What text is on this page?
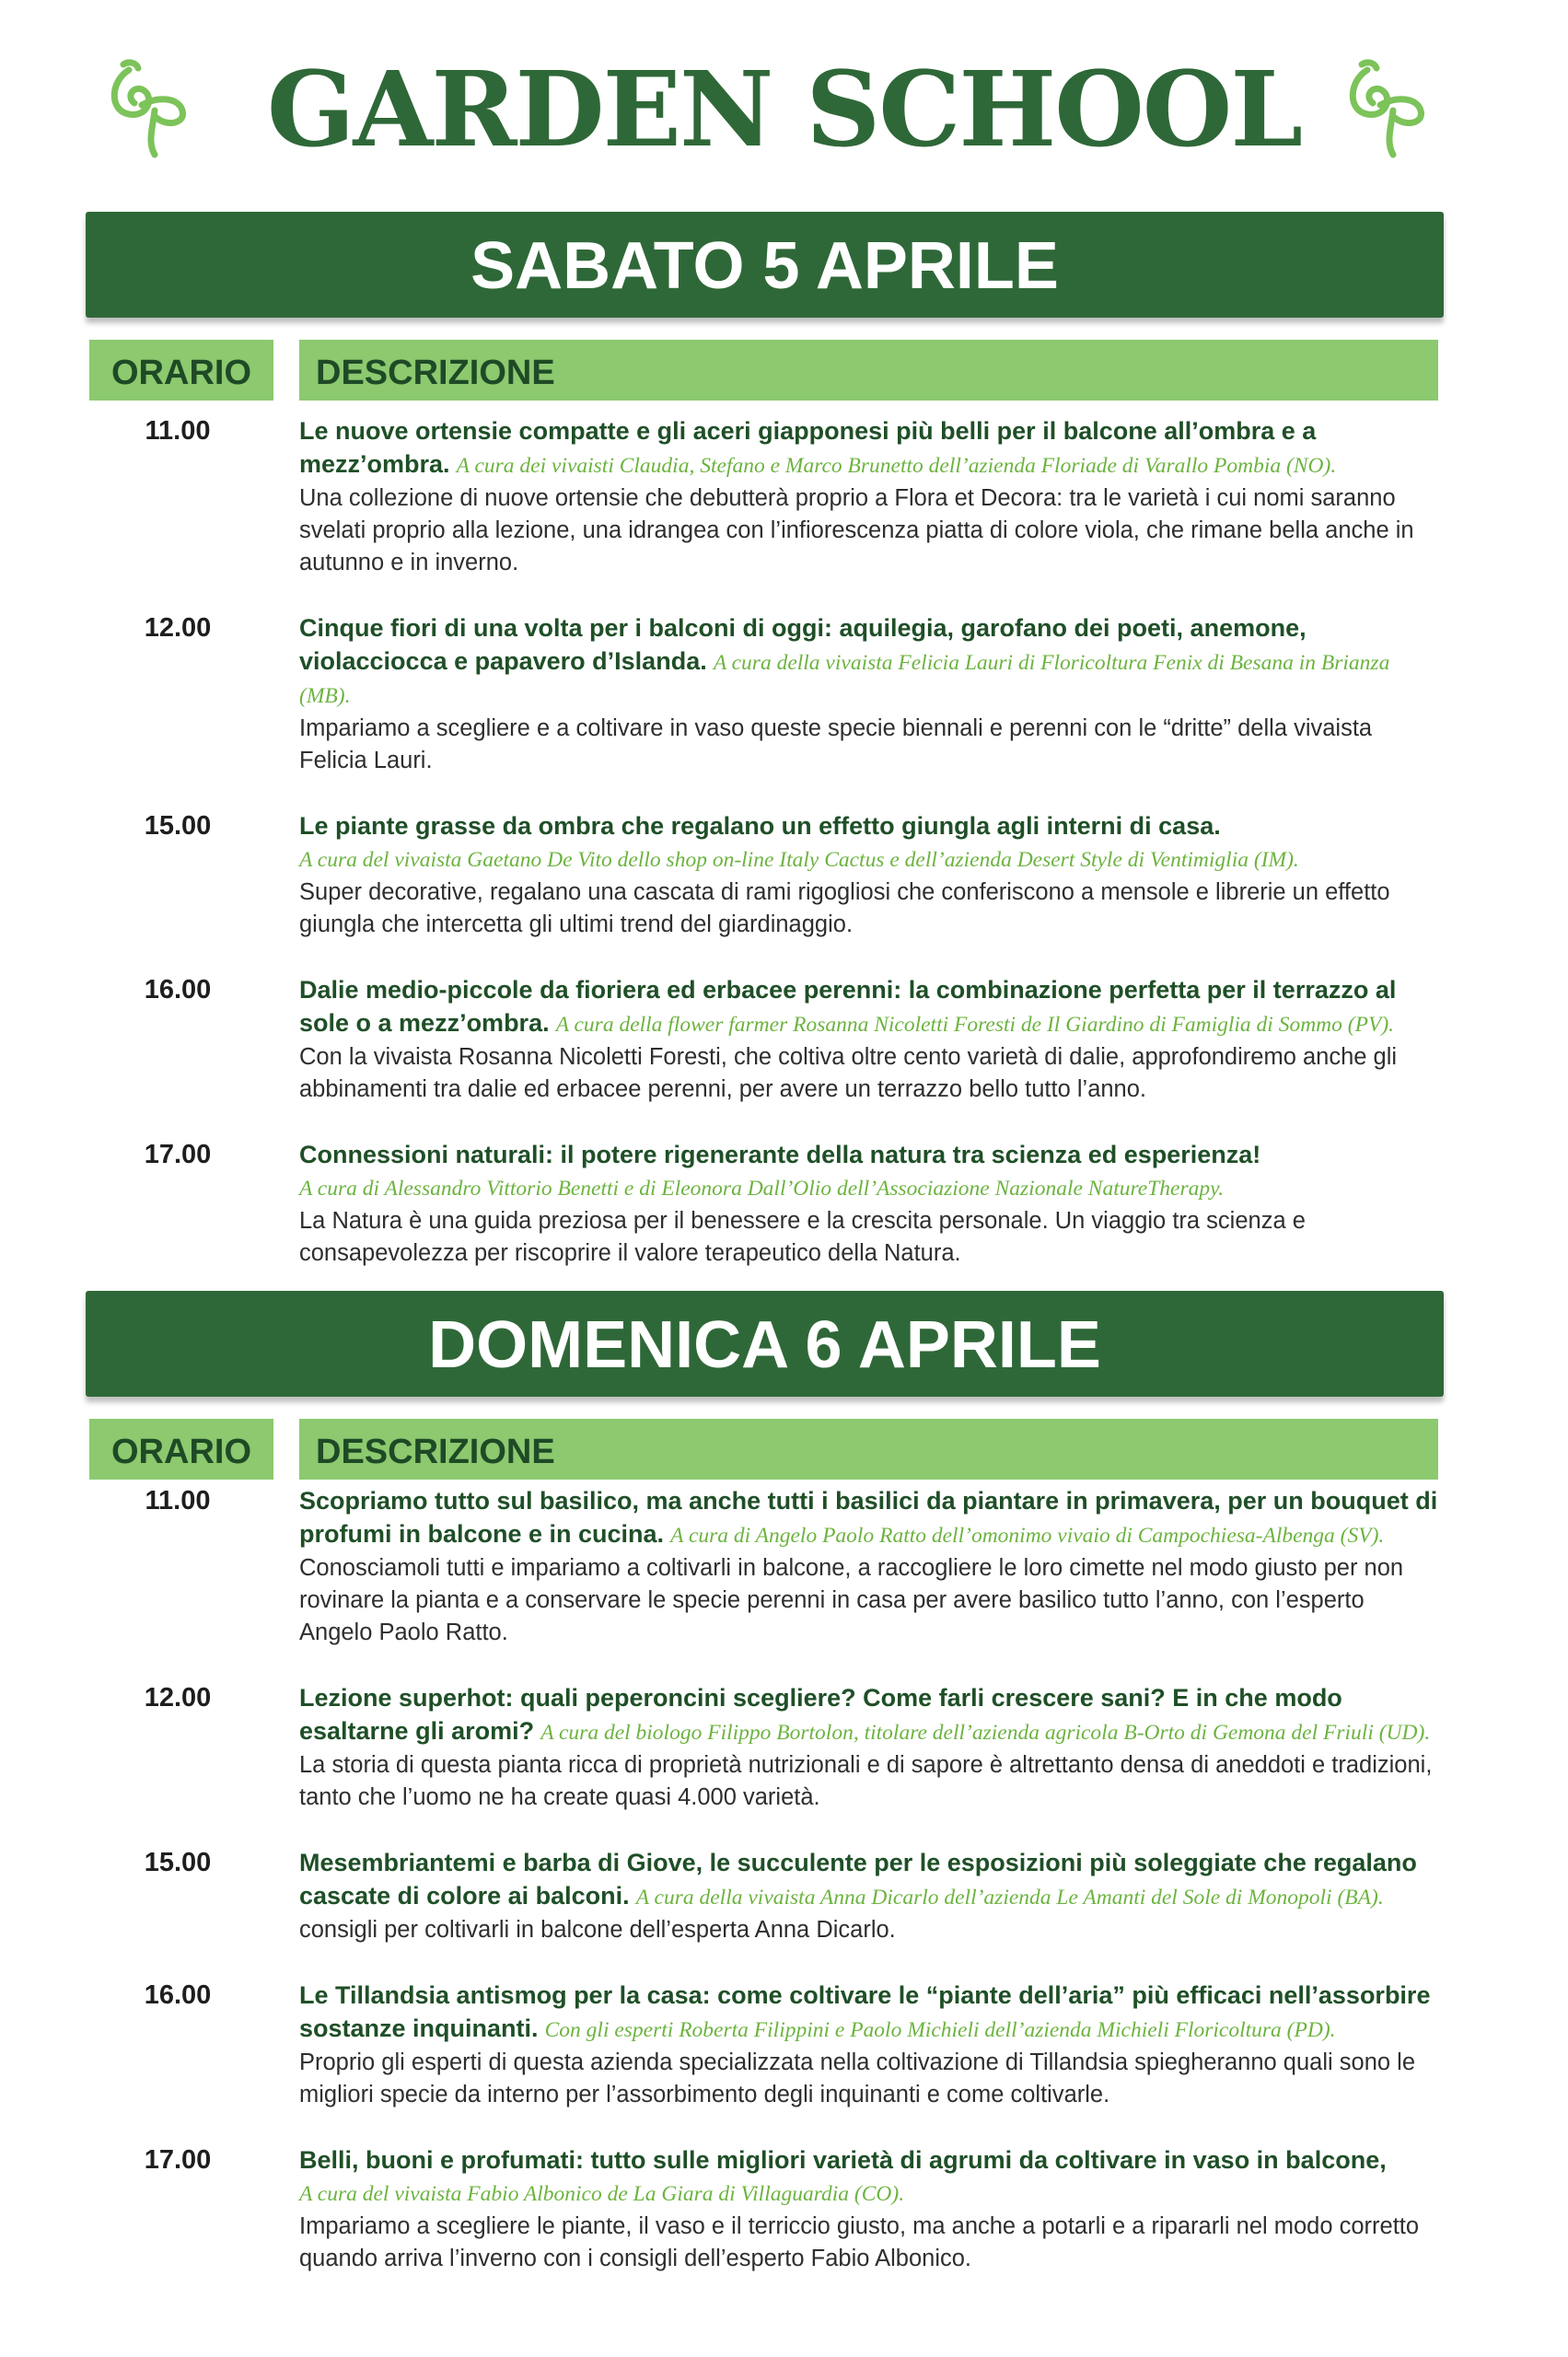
GARDEN SCHOOL
SABATO 5 APRILE
ORARIO	DESCRIZIONE
11.00	Le nuove ortensie compatte e gli aceri giapponesi più belli per il balcone all’ombra e a mezz’ombra. A cura dei vivaisti Claudia, Stefano e Marco Brunetto dell’azienda Floriade di Varallo Pombia (NO).
Una collezione di nuove ortensie che debutterà proprio a Flora et Decora: tra le varietà i cui nomi saranno svelati proprio alla lezione, una idrangea con l’infiorescenza piatta di colore viola, che rimane bella anche in autunno e in inverno.
12.00	Cinque fiori di una volta per i balconi di oggi: aquilegia, garofano dei poeti, anemone, violacciocca e papavero d’Islanda. A cura della vivaista Felicia Lauri di Floricoltura Fenix di Besana in Brianza (MB).
Impariamo a scegliere e a coltivare in vaso queste specie biennali e perenni con le “dritte” della vivaista Felicia Lauri.
15.00	Le piante grasse da ombra che regalano un effetto giungla agli interni di casa.
A cura del vivaista Gaetano De Vito dello shop on-line Italy Cactus e dell’azienda Desert Style di Ventimiglia (IM).
Super decorative, regalano una cascata di rami rigogliosi che conferiscono a mensole e librerie un effetto giungla che intercetta gli ultimi trend del giardinaggio.
16.00	Dalie medio-piccole da fioriera ed erbacee perenni: la combinazione perfetta per il terrazzo al sole o a mezz’ombra. A cura della flower farmer Rosanna Nicoletti Foresti de Il Giardino di Famiglia di Sommo (PV).
Con la vivaista Rosanna Nicoletti Foresti, che coltiva oltre cento varietà di dalie, approfondiremo anche gli abbinamenti tra dalie ed erbacee perenni, per avere un terrazzo bello tutto l’anno.
17.00	Connessioni naturali: il potere rigenerante della natura tra scienza ed esperienza!
A cura di Alessandro Vittorio Benetti e di Eleonora Dall’Olio dell’Associazione Nazionale NatureTherapy.
La Natura è una guida preziosa per il benessere e la crescita personale. Un viaggio tra scienza e consapevolezza per riscoprire il valore terapeutico della Natura.
DOMENICA 6 APRILE
ORARIO	DESCRIZIONE
11.00	Scopriamo tutto sul basilico, ma anche tutti i basilici da piantare in primavera, per un bouquet di profumi in balcone e in cucina. A cura di Angelo Paolo Ratto dell’omonimo vivaio di Campochiesa-Albenga (SV).
Conosciamoli tutti e impariamo a coltivarli in balcone, a raccogliere le loro cimette nel modo giusto per non rovinare la pianta e a conservare le specie perenni in casa per avere basilico tutto l’anno, con l’esperto Angelo Paolo Ratto.
12.00	Lezione superhot: quali peperoncini scegliere? Come farli crescere sani? E in che modo esaltarne gli aromi? A cura del biologo Filippo Bortolon, titolare dell’azienda agricola B-Orto di Gemona del Friuli (UD).
La storia di questa pianta ricca di proprietà nutrizionali e di sapore è altrettanto densa di aneddoti e tradizioni, tanto che l’uomo ne ha create quasi 4.000 varietà.
15.00	Mesembriantemi e barba di Giove, le succulente per le esposizioni più soleggiate che regalano cascate di colore ai balconi. A cura della vivaista Anna Dicarlo dell’azienda Le Amanti del Sole di Monopoli (BA).
consigli per coltivarli in balcone dell’esperta Anna Dicarlo.
16.00	Le Tillandsia antismog per la casa: come coltivare le “piante dell’aria” più efficaci nell’assorbire sostanze inquinanti. Con gli esperti Roberta Filippini e Paolo Michieli dell’azienda Michieli Floricoltura (PD).
Proprio gli esperti di questa azienda specializzata nella coltivazione di Tillandsia spiegheranno quali sono le migliori specie da interno per l’assorbimento degli inquinanti e come coltivarle.
17.00	Belli, buoni e profumati: tutto sulle migliori varietà di agrumi da coltivare in vaso in balcone,
A cura del vivaista Fabio Albonico de La Giara di Villaguardia (CO).
Impariamo a scegliere le piante, il vaso e il terriccio giusto, ma anche a potarli e a ripararli nel modo corretto quando arriva l’inverno con i consigli dell’esperto Fabio Albonico.
